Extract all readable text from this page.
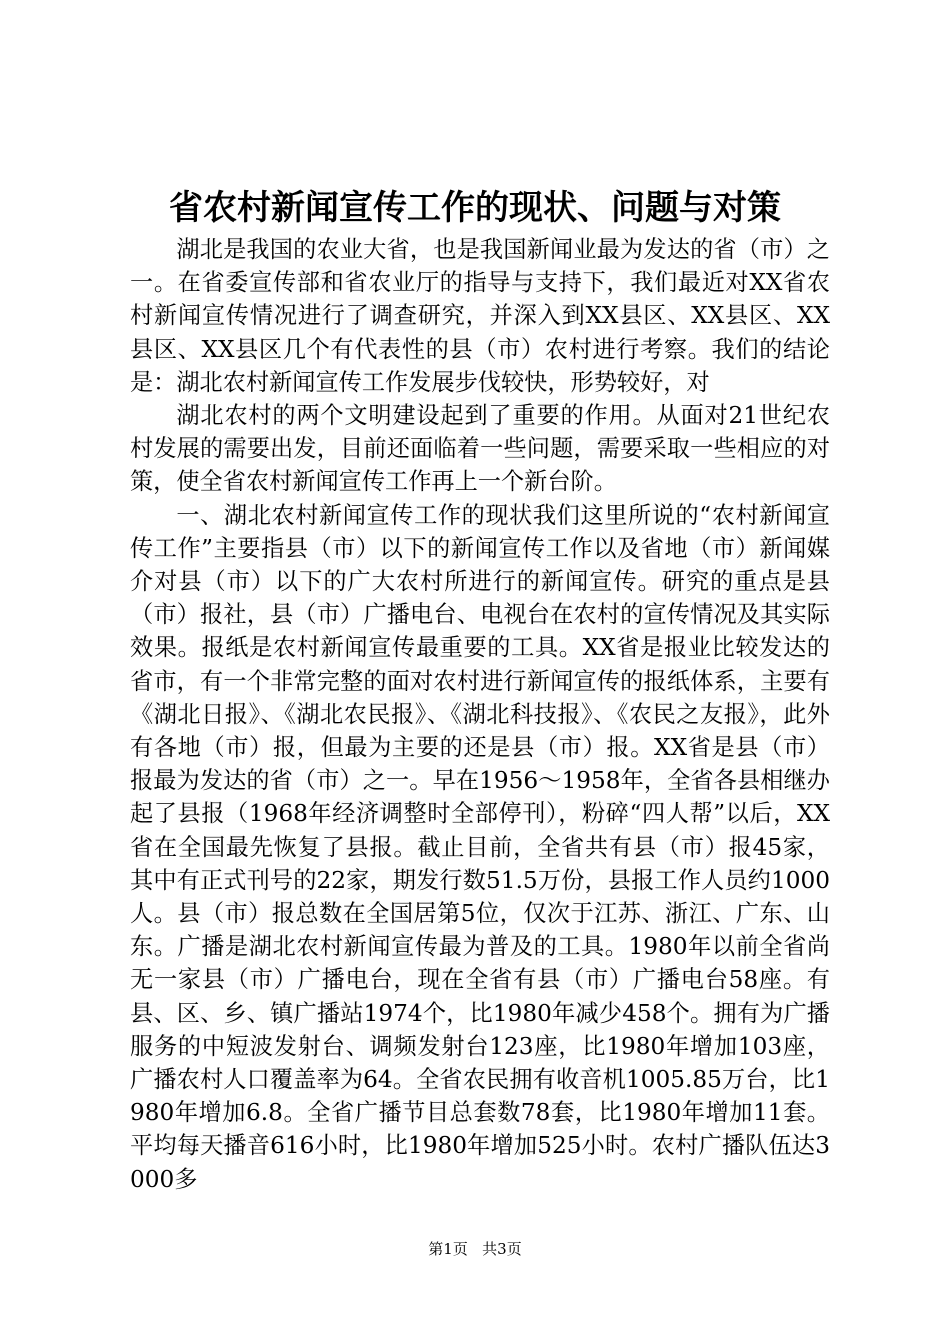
省农村新闻宣传工作的现状、问题与对策

湖北是我国的农业大省，也是我国新闻业最为发达的省（市）之一。在省委宣传部和省农业厅的指导与支持下，我们最近对XX省农村新闻宣传情况进行了调查研究，并深入到XX县区、XX县区、XX县区、XX县区几个有代表性的县（市）农村进行考察。我们的结论是：湖北农村新闻宣传工作发展步伐较快，形势较好，对

湖北农村的两个文明建设起到了重要的作用。从面对21世纪农村发展的需要出发，目前还面临着一些问题，需要采取一些相应的对策，使全省农村新闻宣传工作再上一个新台阶。

一、湖北农村新闻宣传工作的现状我们这里所说的“农村新闻宣传工作”主要指县（市）以下的新闻宣传工作以及省地（市）新闻媒介对县（市）以下的广大农村所进行的新闻宣传。研究的重点是县（市）报社，县（市）广播电台、电视台在农村的宣传情况及其实际效果。报纸是农村新闻宣传最重要的工具。XX省是报业比较发达的省市，有一个非常完整的面对农村进行新闻宣传的报纸体系，主要有《湖北日报》、《湖北农民报》、《湖北科技报》、《农民之友报》，此外有各地（市）报，但最为主要的还是县（市）报。XX省是县（市）报最为发达的省（市）之一。早在1956～1958年，全省各县相继办起了县报（1968年经济调整时全部停刊），粉碎“四人帮”以后，XX省在全国最先恢复了县报。截止目前，全省共有县（市）报45家，其中有正式刊号的22家，期发行数51.5万份，县报工作人员约1000人。县（市）报总数在全国居第5位，仅次于江苏、浙江、广东、山东。广播是湖北农村新闻宣传最为普及的工具。1980年以前全省尚无一家县（市）广播电台，现在全省有县（市）广播电台58座。有县、区、乡、镇广播站1974个，比1980年减少458个。拥有为广播服务的中短波发射台、调频发射台123座，比1980年增加103座，广播农村人口覆盖率为64。全省农民拥有收音机1005.85万台，比1980年增加6.8。全省广播节目总套数78套，比1980年增加11套。平均每天播音616小时，比1980年增加525小时。农村广播队伍达3000多

第1页 共3页
